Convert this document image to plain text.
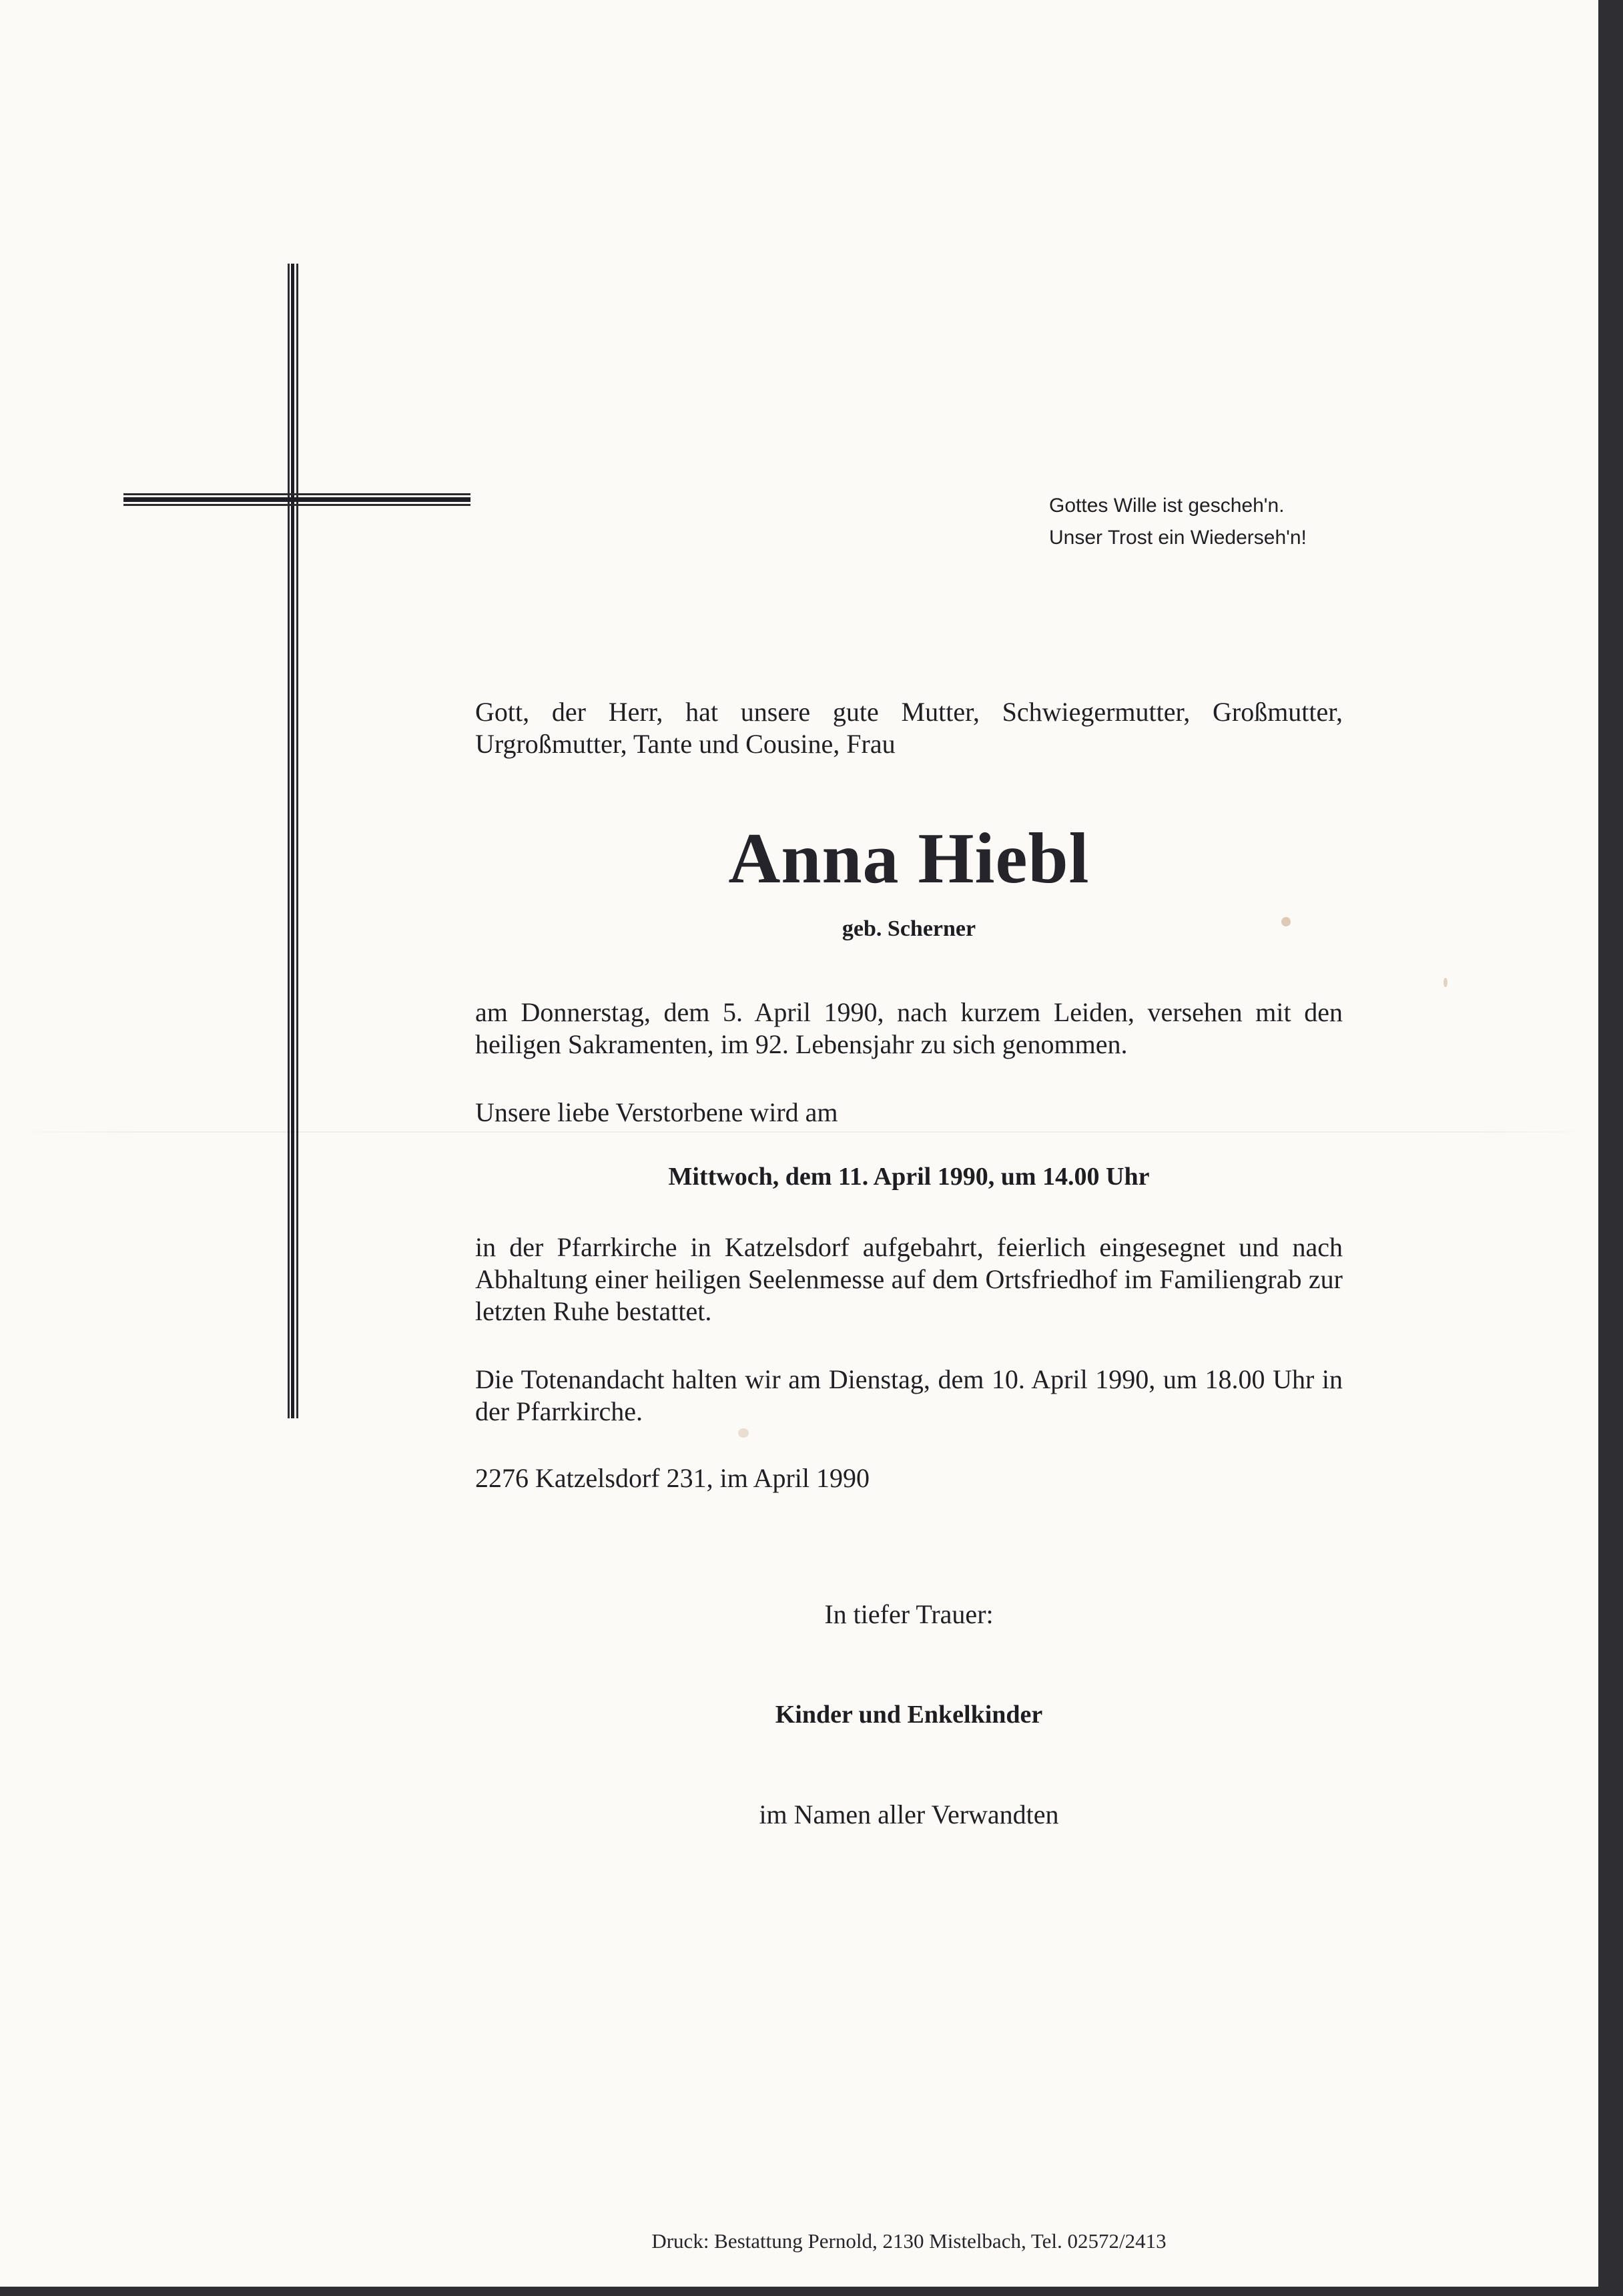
Gottes Wille ist gescheh'n.
Unser Trost ein Wiederseh'n!
Gott, der Herr, hat unsere gute Mutter, Schwiegermutter, Großmutter, Urgroßmutter, Tante und Cousine, Frau
Anna Hiebl
geb. Scherner
am Donnerstag, dem 5. April 1990, nach kurzem Leiden, versehen mit den heiligen Sakramenten, im 92. Lebensjahr zu sich genommen.
Unsere liebe Verstorbene wird am
Mittwoch, dem 11. April 1990, um 14.00 Uhr
in der Pfarrkirche in Katzelsdorf aufgebahrt, feierlich eingesegnet und nach Abhaltung einer heiligen Seelenmesse auf dem Ortsfriedhof im Familiengrab zur letzten Ruhe bestattet.
Die Totenandacht halten wir am Dienstag, dem 10. April 1990, um 18.00 Uhr in der Pfarrkirche.
2276 Katzelsdorf 231, im April 1990
In tiefer Trauer:
Kinder und Enkelkinder
im Namen aller Verwandten
Druck: Bestattung Pernold, 2130 Mistelbach, Tel. 02572/2413
